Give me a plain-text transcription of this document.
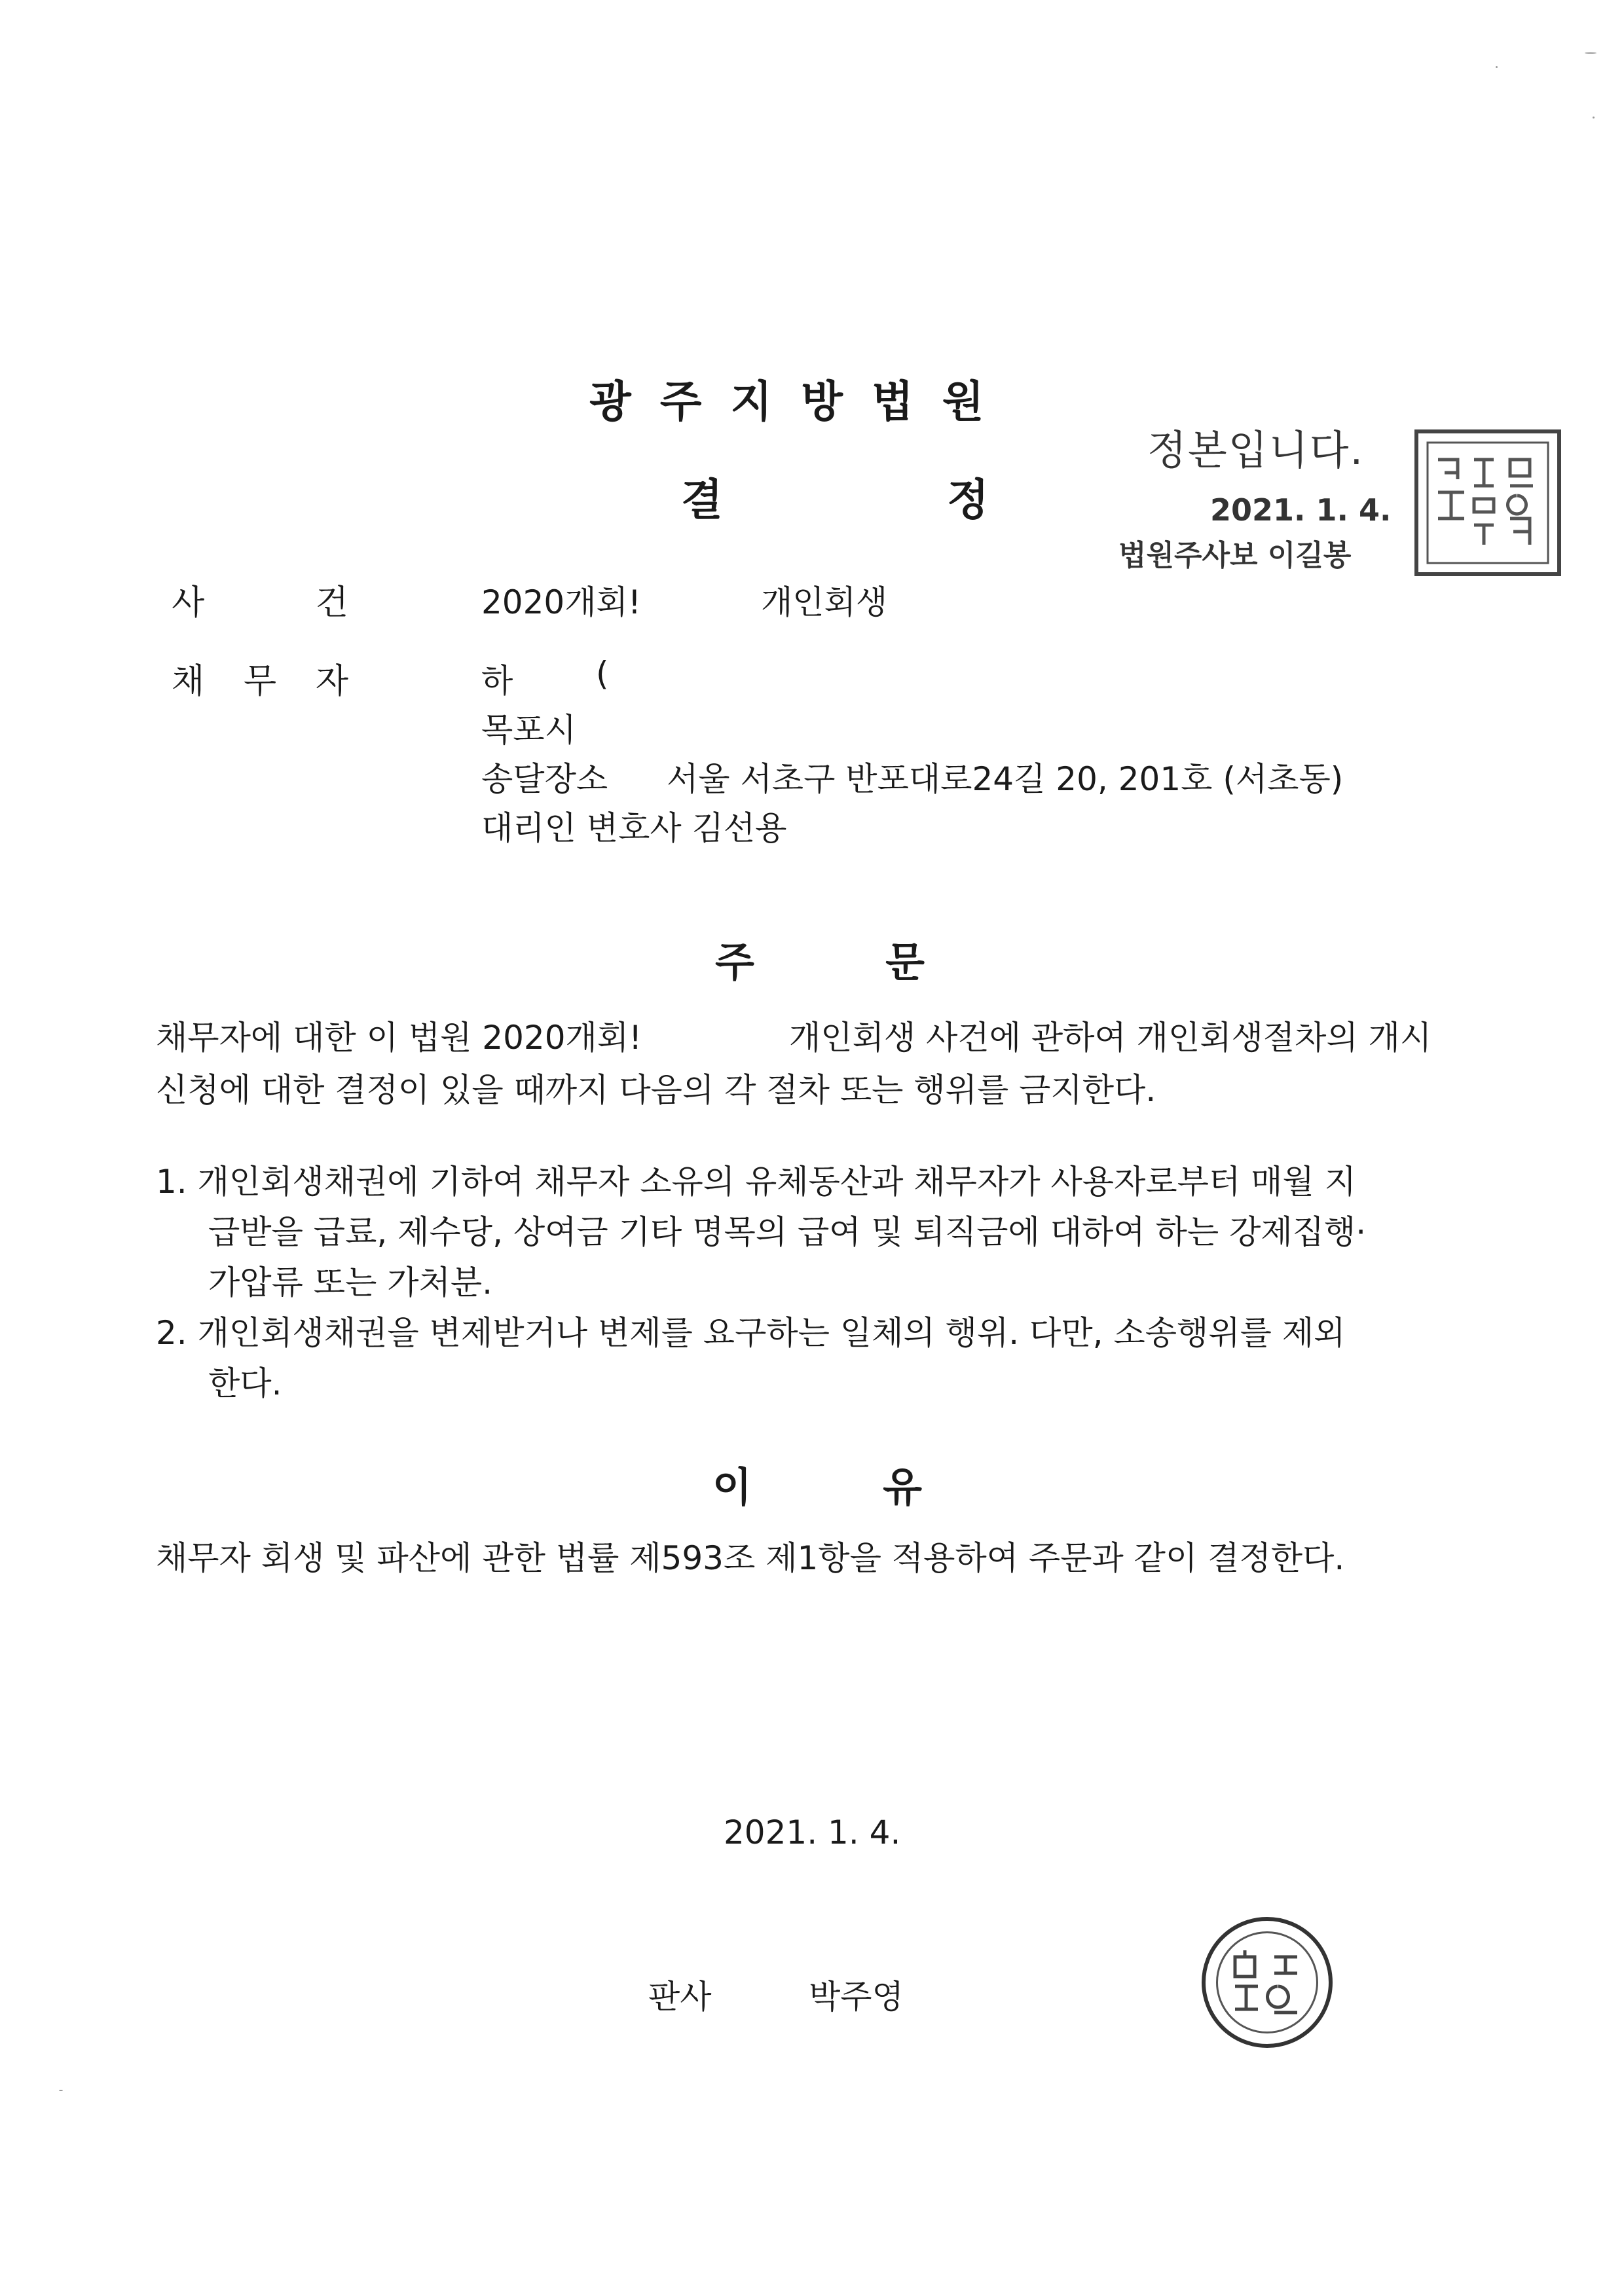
광주지방법원
결	정
정본입니다.
2021. 1. 4.
법원주사보 이길봉
사	건	2020개회!	개인회생
채 무 자	하	(
목포시
송달장소 서울 서초구 반포대로24길 20, 201호 (서초동)
대리인 변호사 김선용
주	문
채무자에 대한 이 법원 2020개회!	개인회생 사건에 관하여 개인회생절차의 개시
신청에 대한 결정이 있을 때까지 다음의 각 절차 또는 행위를 금지한다.
1. 개인회생채권에 기하여 채무자 소유의 유체동산과 채무자가 사용자로부터 매월 지
급받을 급료, 제수당, 상여금 기타 명목의 급여 및 퇴직금에 대하여 하는 강제집행·
가압류 또는 가처분.
2. 개인회생채권을 변제받거나 변제를 요구하는 일체의 행위. 다만, 소송행위를 제외
한다.
이	유
채무자 회생 및 파산에 관한 법률 제593조 제1항을 적용하여 주문과 같이 결정한다.
2021. 1. 4.
판사	박주영
